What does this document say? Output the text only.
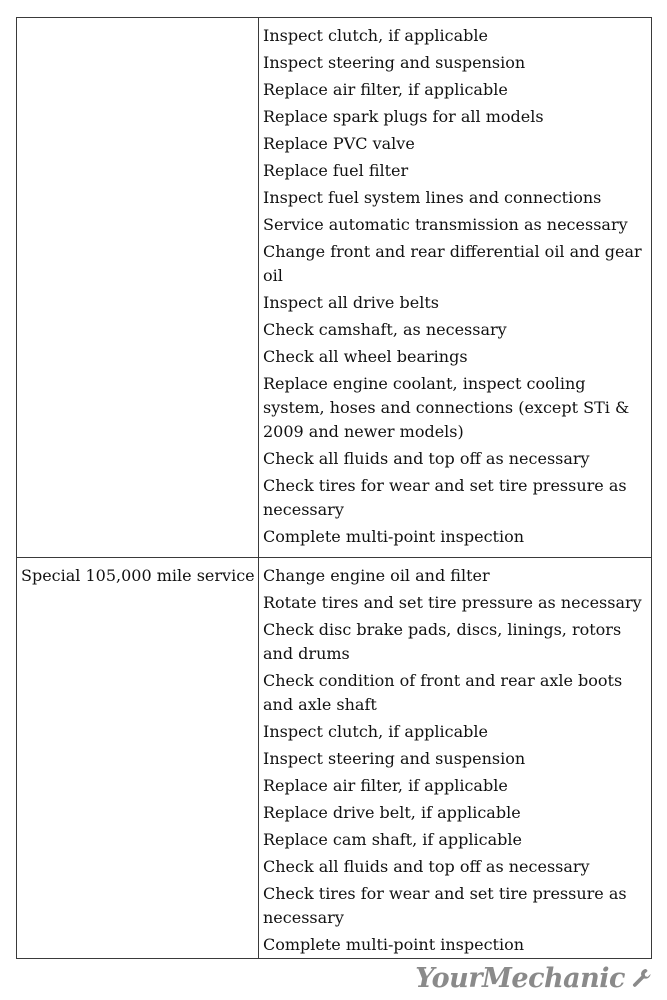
Inspect clutch, if applicable
Inspect steering and suspension
Replace air filter, if applicable
Replace spark plugs for all models
Replace PVC valve
Replace fuel filter
Inspect fuel system lines and connections
Service automatic transmission as necessary
Change front and rear differential oil and gear oil
Inspect all drive belts
Check camshaft, as necessary
Check all wheel bearings
Replace engine coolant, inspect cooling system, hoses and connections (except STi & 2009 and newer models)
Check all fluids and top off as necessary
Check tires for wear and set tire pressure as necessary
Complete multi-point inspection
Special 105,000 mile service Change engine oil and filter
Rotate tires and set tire pressure as necessary
Check disc brake pads, discs, linings, rotors and drums
Check condition of front and rear axle boots and axle shaft
Inspect clutch, if applicable
Inspect steering and suspension
Replace air filter, if applicable
Replace drive belt, if applicable
Replace cam shaft, if applicable
Check all fluids and top off as necessary
Check tires for wear and set tire pressure as necessary
Complete multi-point inspection
YourMechanic
